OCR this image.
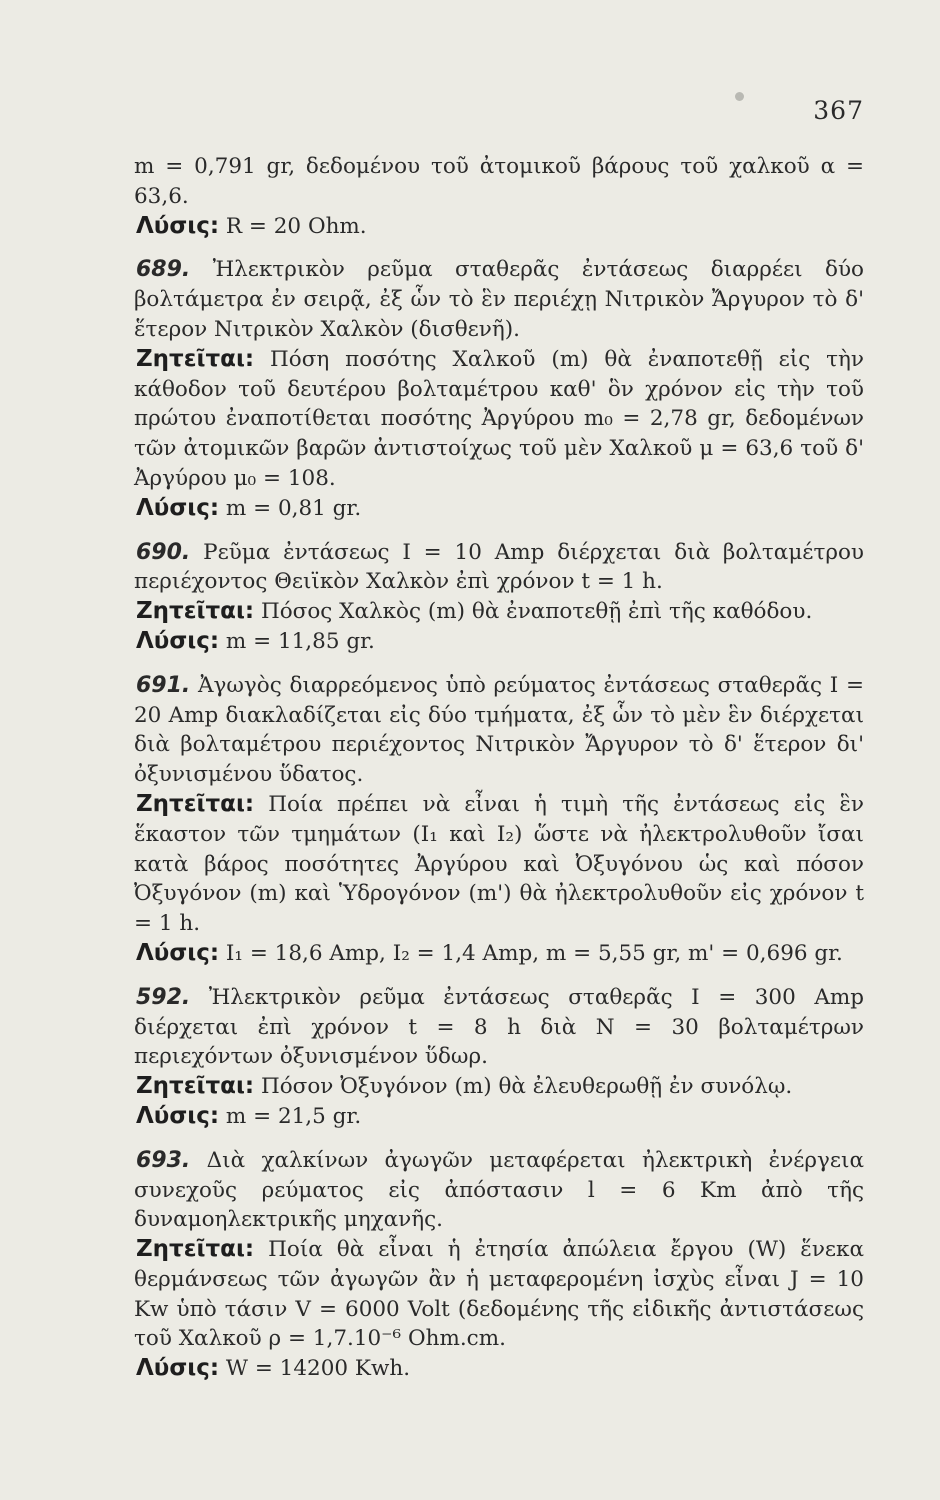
367

m = 0,791 gr, δεδομένου τοῦ ἀτομικοῦ βάρους τοῦ χαλκοῦ α = 63,6.

Λύσις: R = 20 Ohm.

689. Ἠλεκτρικὸν ρεῦμα σταθερᾶς ἐντάσεως διαρρέει δύο βολτάμετρα ἐν σειρᾷ, ἐξ ὧν τὸ ἓν περιέχῃ Νιτρικὸν Ἄργυρον τὸ δ' ἕτερον Νιτρικὸν Χαλκὸν (δισθενῆ).

Ζητεῖται: Πόση ποσότης Χαλκοῦ (m) θὰ ἐναποτεθῇ εἰς τὴν κάθοδον τοῦ δευτέρου βολταμέτρου καθ' ὃν χρόνον εἰς τὴν τοῦ πρώτου ἐναποτίθεται ποσότης Ἀργύρου m₀ = 2,78 gr, δεδομένων τῶν ἀτομικῶν βαρῶν ἀντιστοίχως τοῦ μὲν Χαλκοῦ μ = 63,6 τοῦ δ' Ἀργύρου μ₀ = 108.

Λύσις: m = 0,81 gr.

690. Ρεῦμα ἐντάσεως I = 10 Amp διέρχεται διὰ βολταμέτρου περιέχοντος Θειϊκὸν Χαλκὸν ἐπὶ χρόνον t = 1 h.

Ζητεῖται: Πόσος Χαλκὸς (m) θὰ ἐναποτεθῇ ἐπὶ τῆς καθόδου.

Λύσις: m = 11,85 gr.

691. Ἀγωγὸς διαρρεόμενος ὑπὸ ρεύματος ἐντάσεως σταθερᾶς I = 20 Amp διακλαδίζεται εἰς δύο τμήματα, ἐξ ὧν τὸ μὲν ἓν διέρχεται διὰ βολταμέτρου περιέχοντος Νιτρικὸν Ἄργυρον τὸ δ' ἕτερον δι' ὀξυνισμένου ὕδατος.

Ζητεῖται: Ποία πρέπει νὰ εἶναι ἡ τιμὴ τῆς ἐντάσεως εἰς ἓν ἕκαστον τῶν τμημάτων (I₁ καὶ I₂) ὥστε νὰ ἠλεκτρολυθοῦν ἴσαι κατὰ βάρος ποσότητες Ἀργύρου καὶ Ὀξυγόνου ὡς καὶ πόσον Ὀξυγόνον (m) καὶ Ὑδρογόνον (m') θὰ ἠλεκτρολυθοῦν εἰς χρόνον t = 1 h.

Λύσις: I₁ = 18,6 Amp, I₂ = 1,4 Amp, m = 5,55 gr, m' = 0,696 gr.

592. Ἠλεκτρικὸν ρεῦμα ἐντάσεως σταθερᾶς I = 300 Amp διέρχεται ἐπὶ χρόνον t = 8 h διὰ N = 30 βολταμέτρων περιεχόντων ὀξυνισμένον ὕδωρ.

Ζητεῖται: Πόσον Ὀξυγόνον (m) θὰ ἐλευθερωθῇ ἐν συνόλῳ.

Λύσις: m = 21,5 gr.

693. Διὰ χαλκίνων ἀγωγῶν μεταφέρεται ἠλεκτρικὴ ἐνέργεια συνεχοῦς ρεύματος εἰς ἀπόστασιν l = 6 Km ἀπὸ τῆς δυναμοηλεκτρικῆς μηχανῆς.

Ζητεῖται: Ποία θὰ εἶναι ἡ ἐτησία ἀπώλεια ἔργου (W) ἕνεκα θερμάνσεως τῶν ἀγωγῶν ἂν ἡ μεταφερομένη ἰσχὺς εἶναι J = 10 Kw ὑπὸ τάσιν V = 6000 Volt (δεδομένης τῆς εἰδικῆς ἀντιστάσεως τοῦ Χαλκοῦ ρ = 1,7.10⁻⁶ Ohm.cm.

Λύσις: W = 14200 Kwh.
